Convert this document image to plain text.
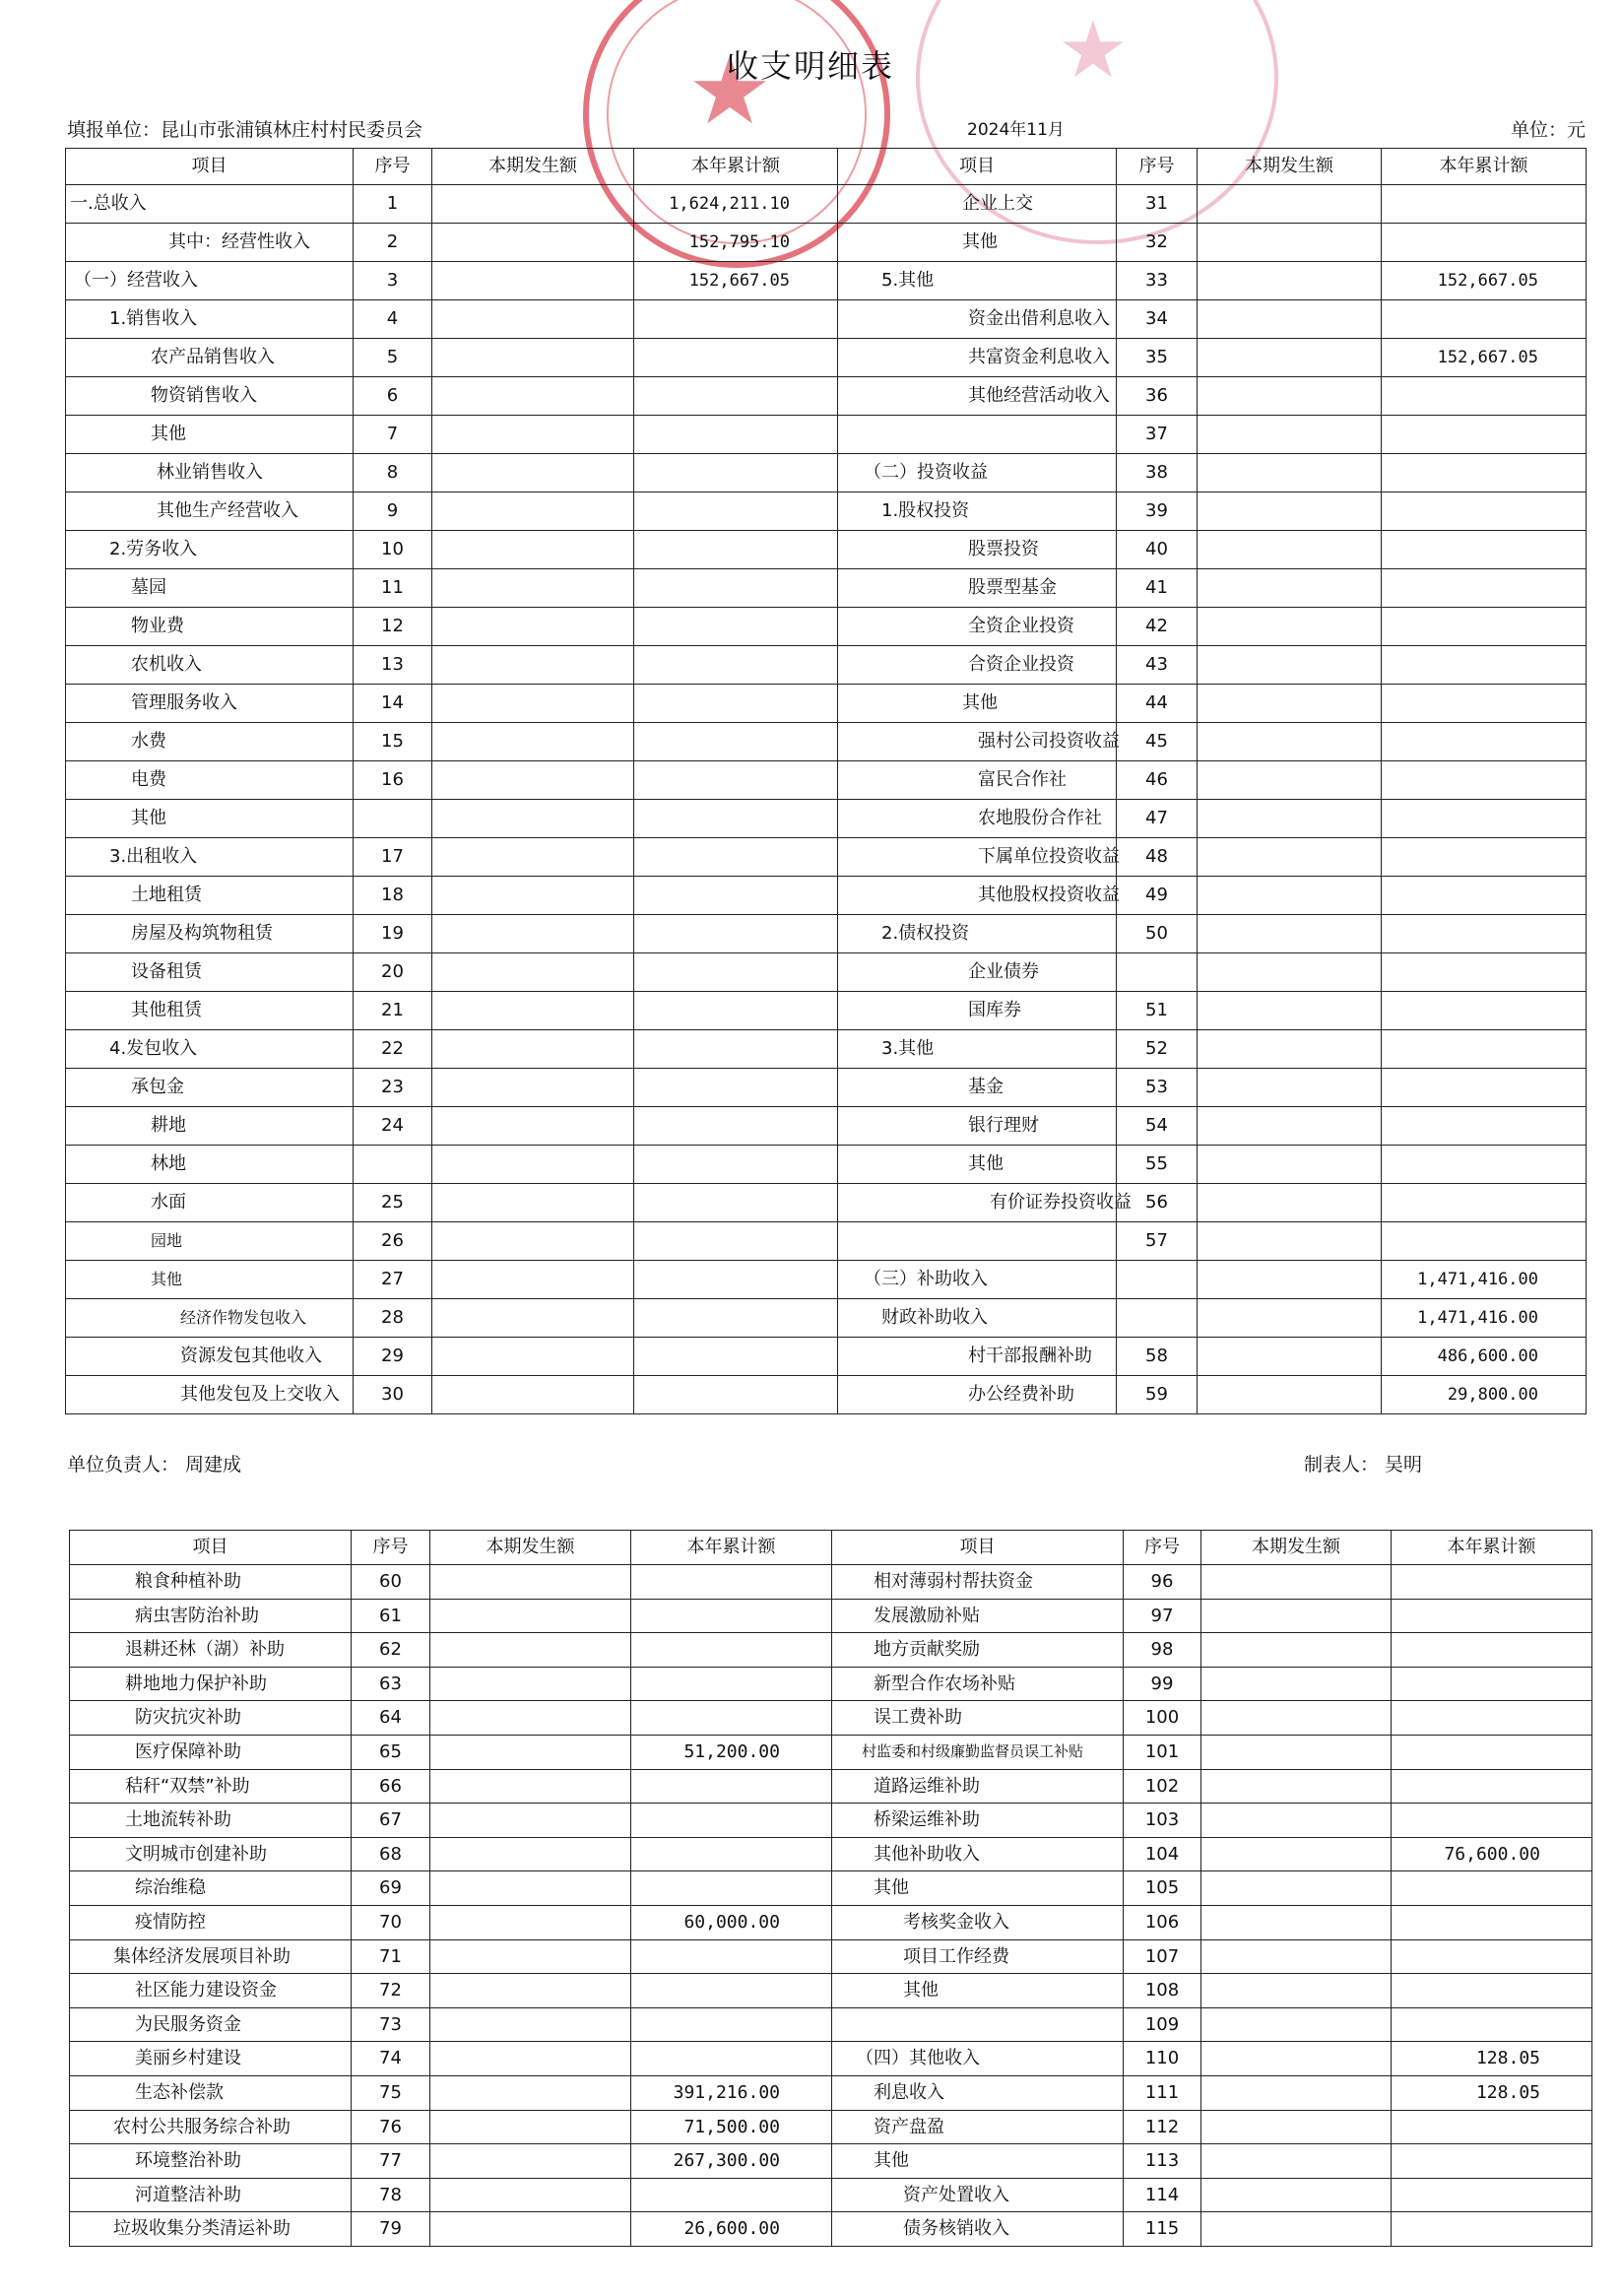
★	★
收支明细表
填报单位：昆山市张浦镇林庄村村民委员会	2024年11月	单位：元
项目	序号	本期发生额	本年累计额	项目	序号	本期发生额	本年累计额
一.总收入	1		1,624,211.10	企业上交	31		
其中：经营性收入	2		152,795.10	其他	32		
（一）经营收入	3		152,667.05	5.其他	33		152,667.05
1.销售收入	4			资金出借利息收入	34		
农产品销售收入	5			共富资金利息收入	35		152,667.05
物资销售收入	6			其他经营活动收入	36		
其他	7				37		
林业销售收入	8			（二）投资收益	38		
其他生产经营收入	9			1.股权投资	39		
2.劳务收入	10			股票投资	40		
墓园	11			股票型基金	41		
物业费	12			全资企业投资	42		
农机收入	13			合资企业投资	43		
管理服务收入	14			其他	44		
水费	15			强村公司投资收益	45		
电费	16			富民合作社	46		
其他				农地股份合作社	47		
3.出租收入	17			下属单位投资收益	48		
土地租赁	18			其他股权投资收益	49		
房屋及构筑物租赁	19			2.债权投资	50		
设备租赁	20			企业债券			
其他租赁	21			国库券	51		
4.发包收入	22			3.其他	52		
承包金	23			基金	53		
耕地	24			银行理财	54		
林地				其他	55		
水面	25			有价证券投资收益	56		
园地	26				57		
其他	27			（三）补助收入			1,471,416.00
经济作物发包收入	28			财政补助收入			1,471,416.00
资源发包其他收入	29			村干部报酬补助	58		486,600.00
其他发包及上交收入	30			办公经费补助	59		29,800.00
单位负责人： 周建成	制表人： 吴明
项目	序号	本期发生额	本年累计额	项目	序号	本期发生额	本年累计额
粮食种植补助	60			相对薄弱村帮扶资金	96		
病虫害防治补助	61			发展激励补贴	97		
退耕还林（湖）补助	62			地方贡献奖励	98		
耕地地力保护补助	63			新型合作农场补贴	99		
防灾抗灾补助	64			误工费补助	100		
医疗保障补助	65		51,200.00	村监委和村级廉勤监督员误工补贴	101		
秸秆“双禁”补助	66			道路运维补助	102		
土地流转补助	67			桥梁运维补助	103		
文明城市创建补助	68			其他补助收入	104		76,600.00
综治维稳	69			其他	105		
疫情防控	70		60,000.00	考核奖金收入	106		
集体经济发展项目补助	71			项目工作经费	107		
社区能力建设资金	72			其他	108		
为民服务资金	73				109		
美丽乡村建设	74			（四）其他收入	110		128.05
生态补偿款	75		391,216.00	利息收入	111		128.05
农村公共服务综合补助	76		71,500.00	资产盘盈	112		
环境整治补助	77		267,300.00	其他	113		
河道整洁补助	78			资产处置收入	114		
垃圾收集分类清运补助	79		26,600.00	债务核销收入	115		
